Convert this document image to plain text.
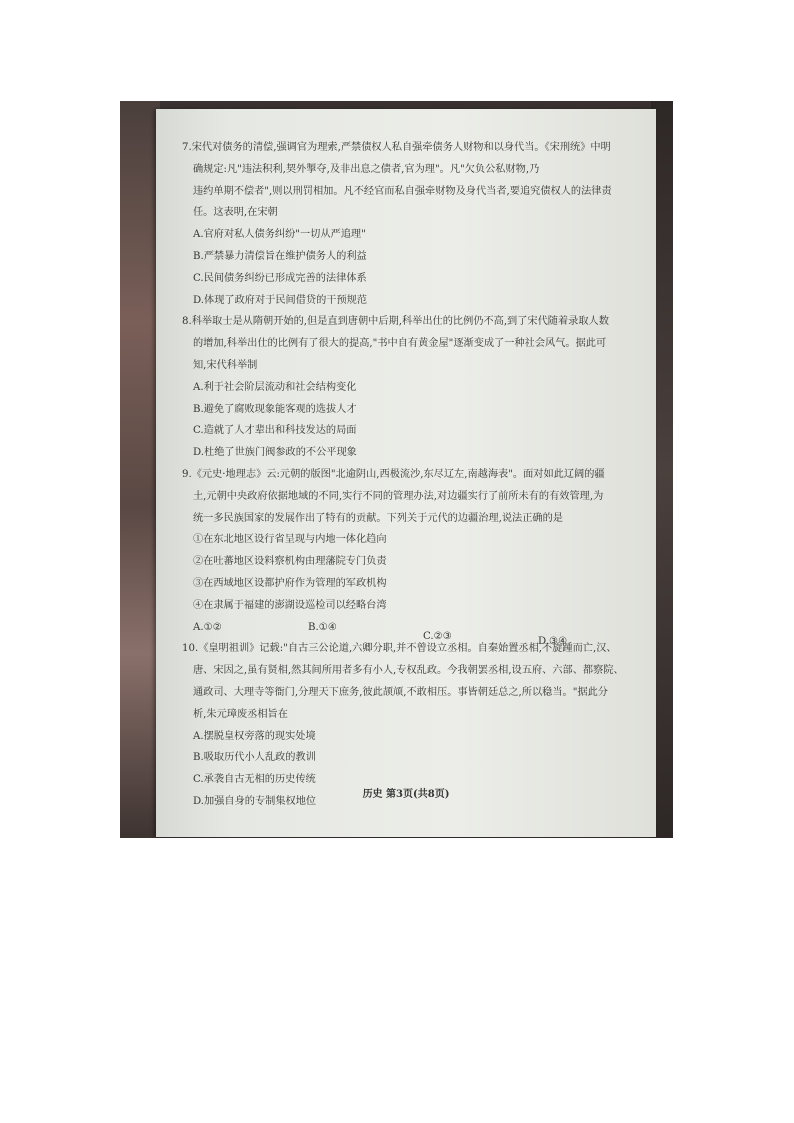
7.宋代对债务的清偿,强调官为理索,严禁债权人私自强牵债务人财物和以身代当。《宋刑统》中明
确规定:凡"违法积利,契外掣夺,及非出息之债者,官为理"。凡"欠负公私财物,乃
违约单期不偿者",则以刑罚相加。凡不经官而私自强牵财物及身代当者,要追究债权人的法律责
任。这表明,在宋朝
A.官府对私人债务纠纷"一切从严追理"
B.严禁暴力清偿旨在维护债务人的利益
C.民间债务纠纷已形成完善的法律体系
D.体现了政府对于民间借贷的干预规范
8.科举取士是从隋朝开始的,但是直到唐朝中后期,科举出仕的比例仍不高,到了宋代随着录取人数
的增加,科举出仕的比例有了很大的提高,"书中自有黄金屋"逐渐变成了一种社会风气。据此可
知,宋代科举制
A.利于社会阶层流动和社会结构变化
B.避免了腐败现象能客观的选拔人才
C.造就了人才辈出和科技发达的局面
D.杜绝了世族门阀参政的不公平现象
9.《元史·地理志》云:元朝的版图"北逾阴山,西极流沙,东尽辽左,南越海表"。面对如此辽阔的疆
土,元朝中央政府依据地域的不同,实行不同的管理办法,对边疆实行了前所未有的有效管理,为
统一多民族国家的发展作出了特有的贡献。下列关于元代的边疆治理,说法正确的是
①在东北地区设行省呈现与内地一体化趋向
②在吐蕃地区设料察机构由理藩院专门负责
③在西域地区设都护府作为管理的军政机构
④在隶属于福建的澎湖设巡检司以经略台湾
A.①②	B.①④
C.②③	D.③④
10.《皇明祖训》记载:"自古三公论道,六卿分职,并不曾设立丞相。自秦始置丞相,不旋踵而亡,汉、
唐、宋因之,虽有贤相,然其间所用者多有小人,专权乱政。今我朝罢丞相,设五府、六部、都察院、
通政司、大理寺等衙门,分理天下庶务,彼此颉颃,不敢相压。事皆朝廷总之,所以稳当。"据此分
析,朱元璋废丞相旨在
A.摆脱皇权旁落的现实处境
B.吸取历代小人乱政的教训
C.承袭自古无相的历史传统
D.加强自身的专制集权地位
历史 第3页(共8页)
